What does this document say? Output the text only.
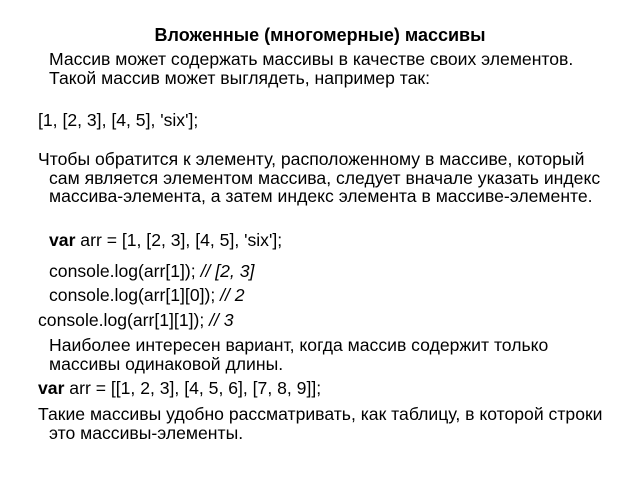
Вложенные (многомерные) массивы

Массив может содержать массивы в качестве своих элементов. Такой массив может выглядеть, например так:

[1, [2, 3], [4, 5], 'six'];

Чтобы обратится к элементу, расположенному в массиве, который сам является элементом массива, следует вначале указать индекс массива-элемента, а затем индекс элемента в массиве-элементе.

var arr = [1, [2, 3], [4, 5], 'six'];

console.log(arr[1]); // [2, 3]

console.log(arr[1][0]); // 2

console.log(arr[1][1]); // 3

Наиболее интересен вариант, когда массив содержит только массивы одинаковой длины.

var arr = [[1, 2, 3], [4, 5, 6], [7, 8, 9]];

Такие массивы удобно рассматривать, как таблицу, в которой строки это массивы-элементы.
